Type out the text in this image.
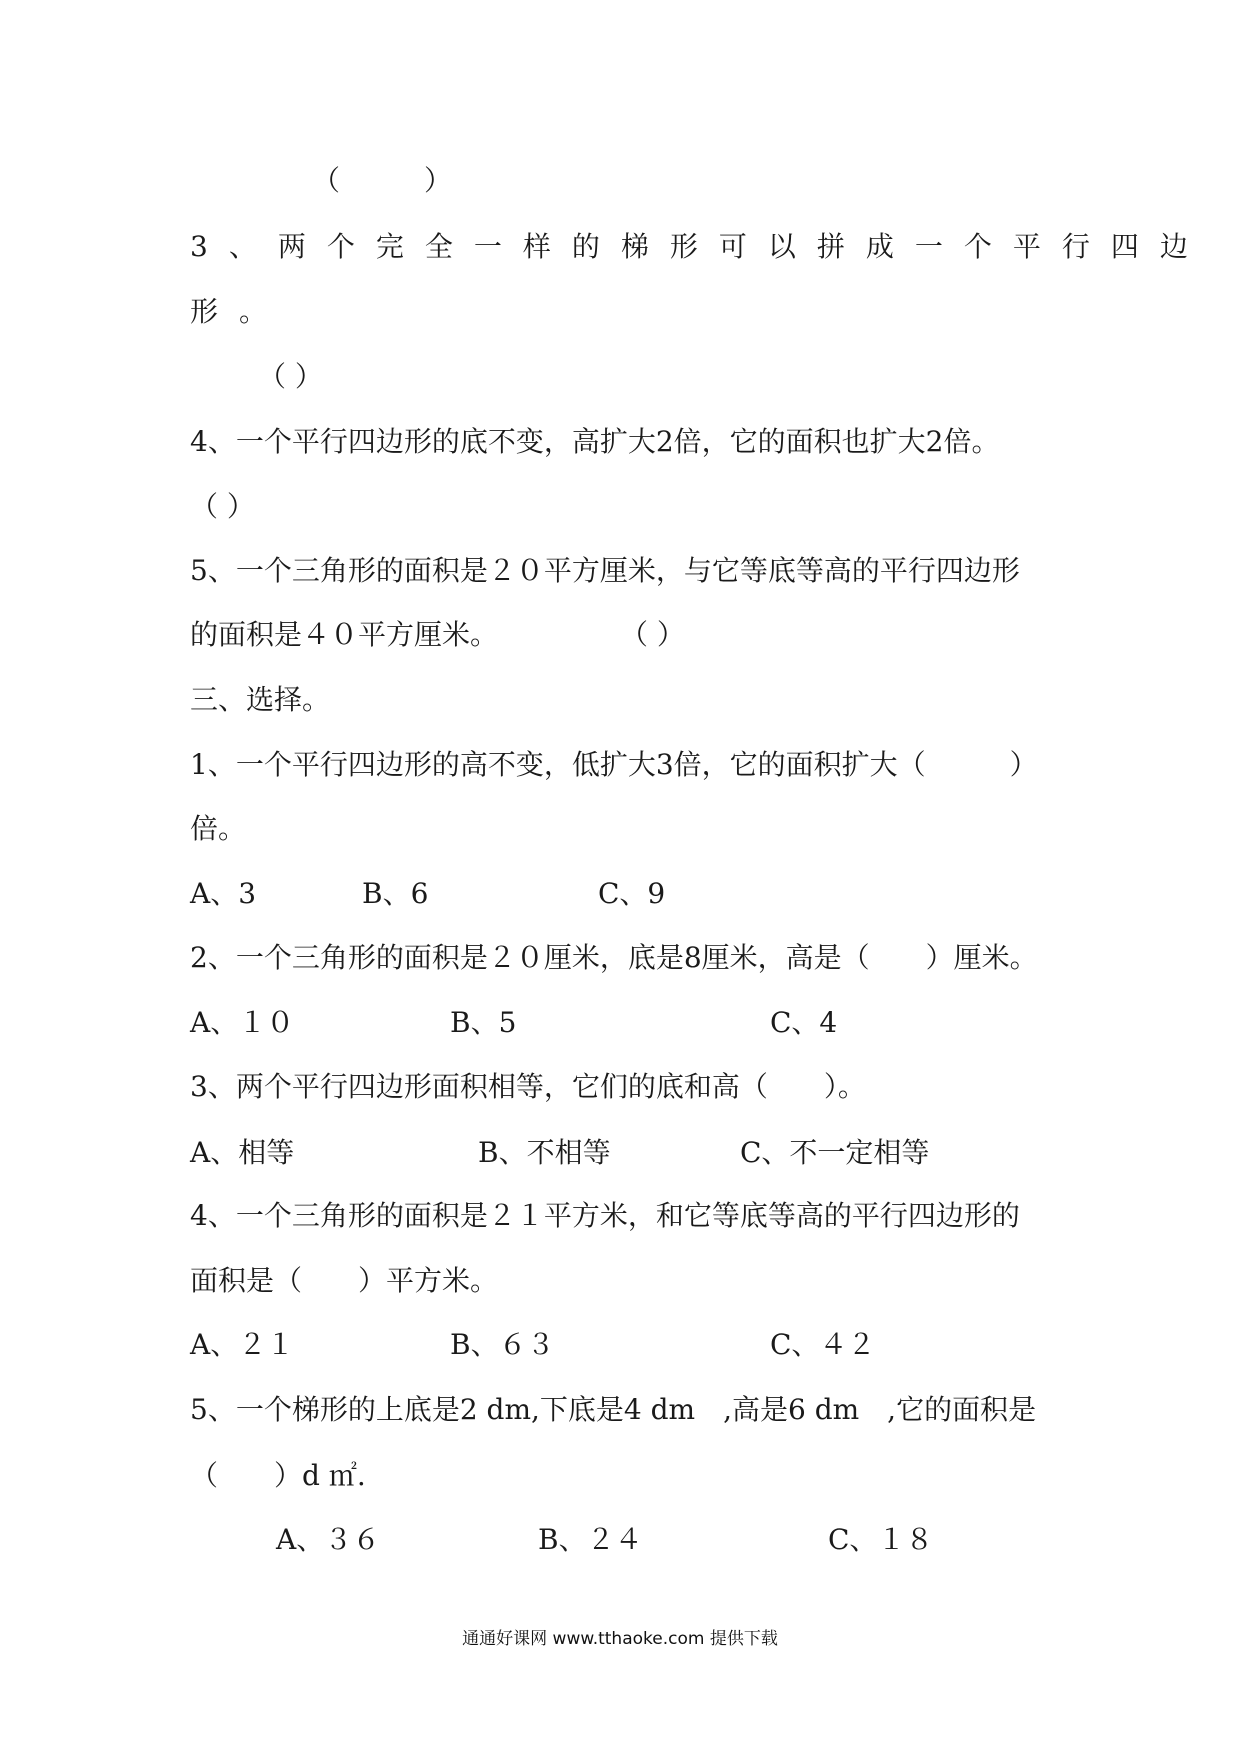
（　　　）
3、两个完全一样的梯形可以拼成一个平行四边
形。
（ ）
4、一个平行四边形的底不变，高扩大2倍，它的面积也扩大2倍。
（ ）
5、一个三角形的面积是２０平方厘米，与它等底等高的平行四边形
的面积是４０平方厘米。	（ ）
三、选择。
1、一个平行四边形的高不变，低扩大3倍，它的面积扩大（　　　）
倍。
A、3	B、6	C、9
2、一个三角形的面积是２０厘米，底是8厘米，高是（　　）厘米。
A、１０	B、5	C、4
3、两个平行四边形面积相等，它们的底和高（　　）。
A、相等	B、不相等	C、不一定相等
4、一个三角形的面积是２１平方米，和它等底等高的平行四边形的
面积是（　　）平方米。
A、２１	B、６３	C、４２
5、一个梯形的上底是2 dm,下底是4 dm　,高是6 dm　,它的面积是
（　　）d ㎡.
A、３６	B、２４	C、１８
通通好课网 www.tthaoke.com 提供下载
